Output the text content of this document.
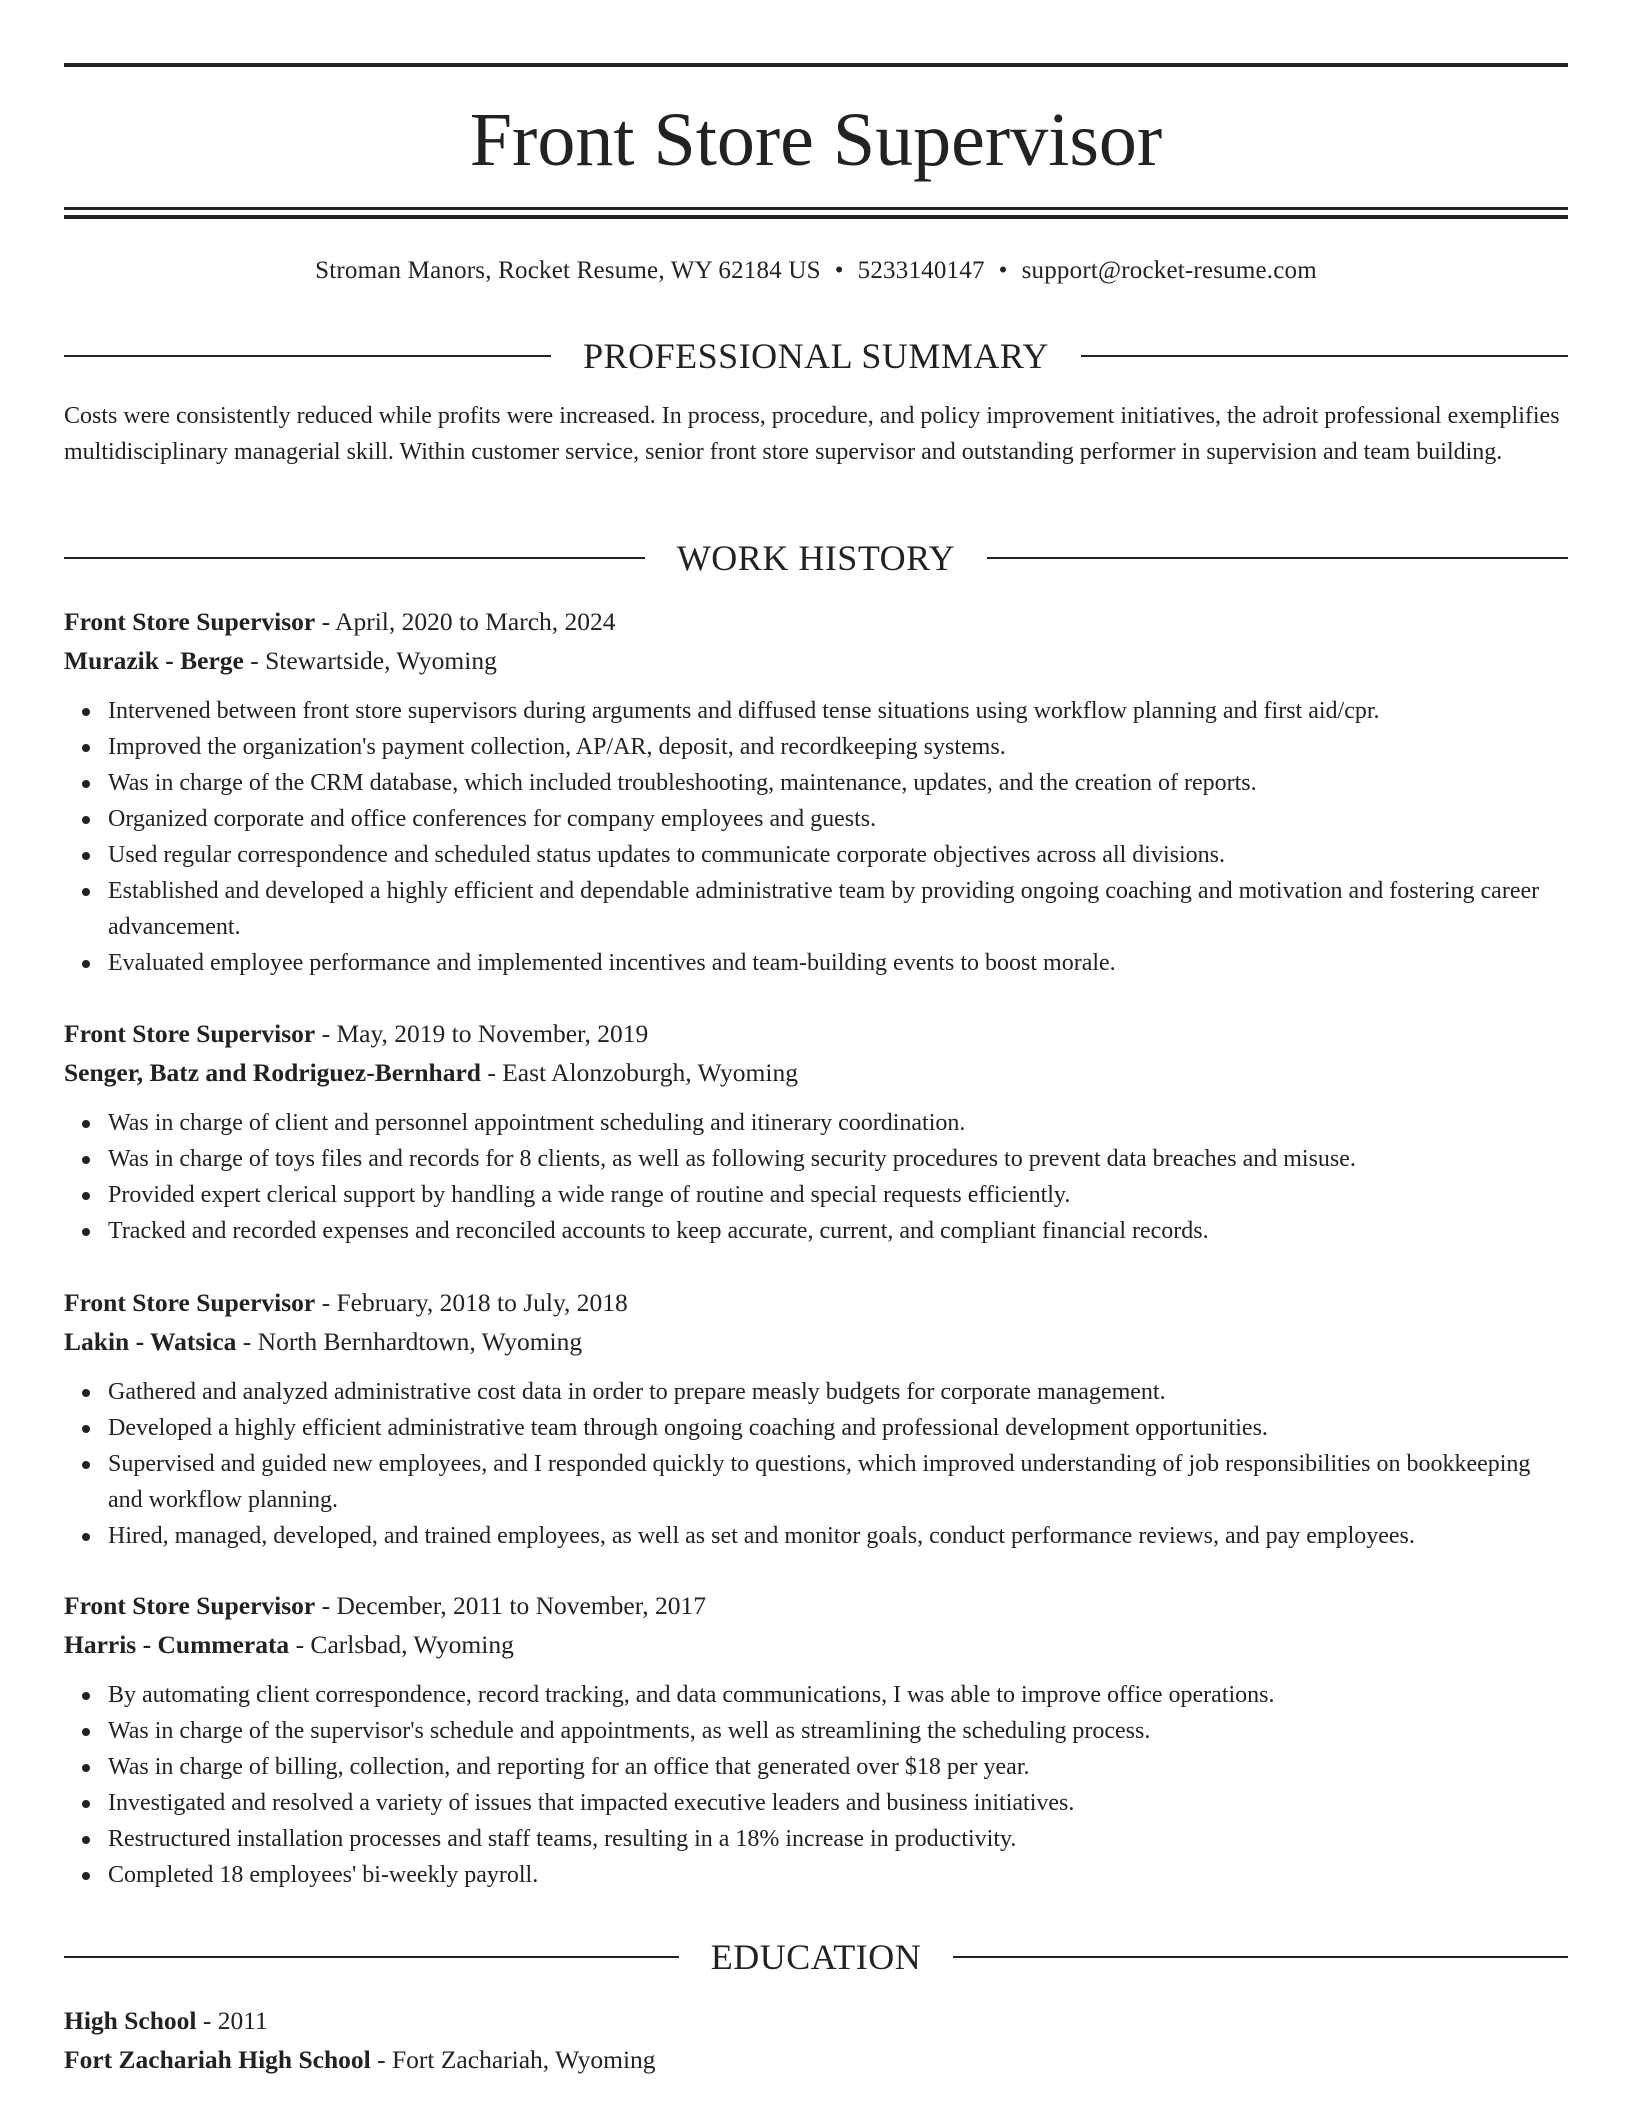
Front Store Supervisor
Stroman Manors, Rocket Resume, WY 62184 US • 5233140147 • support@rocket-resume.com
PROFESSIONAL SUMMARY
Costs were consistently reduced while profits were increased. In process, procedure, and policy improvement initiatives, the adroit professional exemplifies multidisciplinary managerial skill. Within customer service, senior front store supervisor and outstanding performer in supervision and team building.
WORK HISTORY
Front Store Supervisor - April, 2020 to March, 2024
Murazik - Berge - Stewartside, Wyoming
Intervened between front store supervisors during arguments and diffused tense situations using workflow planning and first aid/cpr.
Improved the organization's payment collection, AP/AR, deposit, and recordkeeping systems.
Was in charge of the CRM database, which included troubleshooting, maintenance, updates, and the creation of reports.
Organized corporate and office conferences for company employees and guests.
Used regular correspondence and scheduled status updates to communicate corporate objectives across all divisions.
Established and developed a highly efficient and dependable administrative team by providing ongoing coaching and motivation and fostering career advancement.
Evaluated employee performance and implemented incentives and team-building events to boost morale.
Front Store Supervisor - May, 2019 to November, 2019
Senger, Batz and Rodriguez-Bernhard - East Alonzoburgh, Wyoming
Was in charge of client and personnel appointment scheduling and itinerary coordination.
Was in charge of toys files and records for 8 clients, as well as following security procedures to prevent data breaches and misuse.
Provided expert clerical support by handling a wide range of routine and special requests efficiently.
Tracked and recorded expenses and reconciled accounts to keep accurate, current, and compliant financial records.
Front Store Supervisor - February, 2018 to July, 2018
Lakin - Watsica - North Bernhardtown, Wyoming
Gathered and analyzed administrative cost data in order to prepare measly budgets for corporate management.
Developed a highly efficient administrative team through ongoing coaching and professional development opportunities.
Supervised and guided new employees, and I responded quickly to questions, which improved understanding of job responsibilities on bookkeeping and workflow planning.
Hired, managed, developed, and trained employees, as well as set and monitor goals, conduct performance reviews, and pay employees.
Front Store Supervisor - December, 2011 to November, 2017
Harris - Cummerata - Carlsbad, Wyoming
By automating client correspondence, record tracking, and data communications, I was able to improve office operations.
Was in charge of the supervisor's schedule and appointments, as well as streamlining the scheduling process.
Was in charge of billing, collection, and reporting for an office that generated over $18 per year.
Investigated and resolved a variety of issues that impacted executive leaders and business initiatives.
Restructured installation processes and staff teams, resulting in a 18% increase in productivity.
Completed 18 employees' bi-weekly payroll.
EDUCATION
High School - 2011
Fort Zachariah High School - Fort Zachariah, Wyoming
